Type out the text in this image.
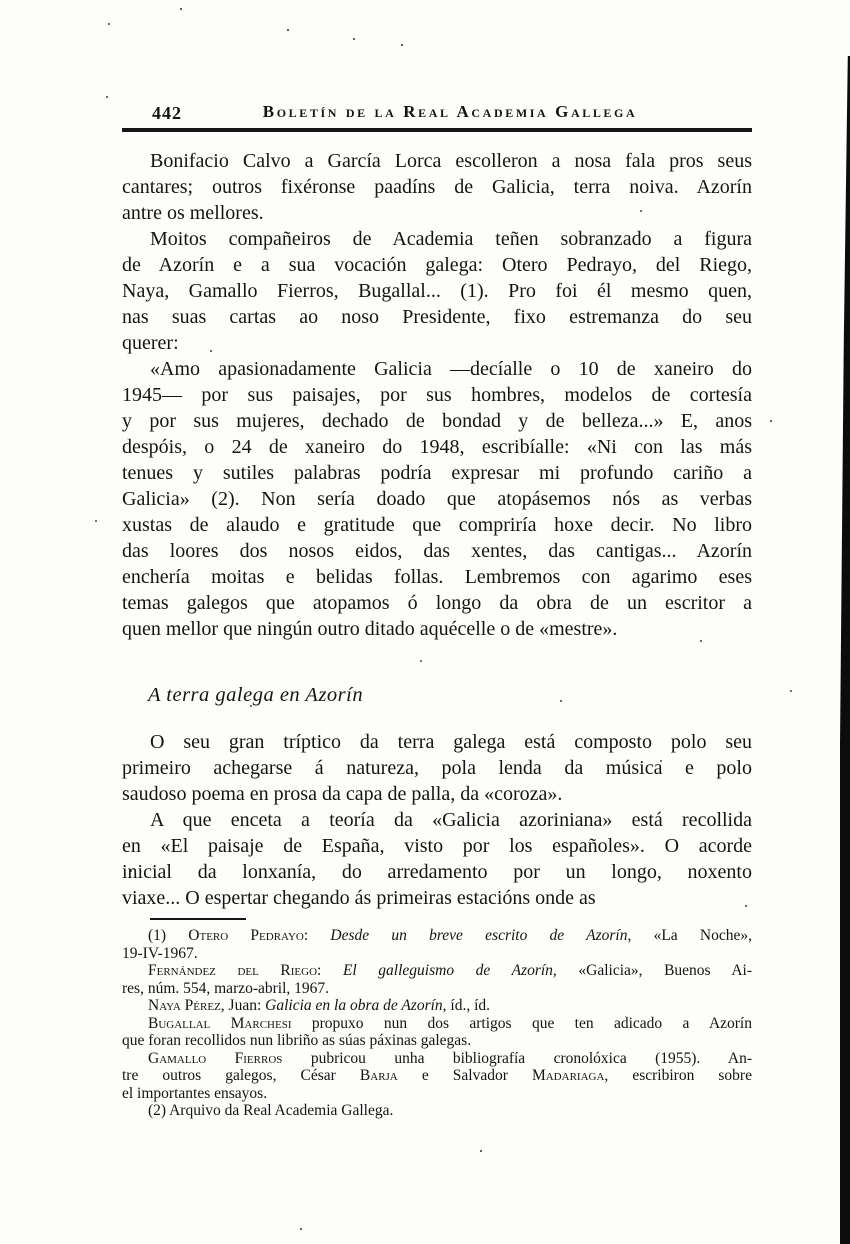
442	Boletín de la Real Academia Gallega
Bonifacio Calvo a García Lorca escolleron a nosa fala pros seus
cantares; outros fixéronse paadíns de Galicia, terra noiva. Azorín
antre os mellores.
Moitos compañeiros de Academia teñen sobranzado a figura
de Azorín e a sua vocación galega: Otero Pedrayo, del Riego,
Naya, Gamallo Fierros, Bugallal... (1). Pro foi él mesmo quen,
nas suas cartas ao noso Presidente, fixo estremanza do seu
querer:
«Amo apasionadamente Galicia —decíalle o 10 de xaneiro do
1945— por sus paisajes, por sus hombres, modelos de cortesía
y por sus mujeres, dechado de bondad y de belleza...» E, anos
despóis, o 24 de xaneiro do 1948, escribíalle: «Ni con las más
tenues y sutiles palabras podría expresar mi profundo cariño a
Galicia» (2). Non sería doado que atopásemos nós as verbas
xustas de alaudo e gratitude que compriría hoxe decir. No libro
das loores dos nosos eidos, das xentes, das cantigas... Azorín
enchería moitas e belidas follas. Lembremos con agarimo eses
temas galegos que atopamos ó longo da obra de un escritor a
quen mellor que ningún outro ditado aquécelle o de «mestre».
A terra galega en Azorín
O seu gran tríptico da terra galega está composto polo seu
primeiro achegarse á natureza, pola lenda da música e polo
saudoso poema en prosa da capa de palla, da «coroza».
A que enceta a teoría da «Galicia azoriniana» está recollida
en «El paisaje de España, visto por los españoles». O acorde
inicial da lonxanía, do arredamento por un longo, noxento
viaxe... O espertar chegando ás primeiras estacións onde as
(1) Otero Pedrayo: Desde un breve escrito de Azorín, «La Noche»,
19-IV-1967.
Fernández del Riego: El galleguismo de Azorín, «Galicia», Buenos Ai-
res, núm. 554, marzo-abril, 1967.
Naya Pérez, Juan: Galicia en la obra de Azorín, íd., íd.
Bugallal Marchesi propuxo nun dos artigos que ten adicado a Azorín
que foran recollidos nun libriño as súas páxinas galegas.
Gamallo Fierros pubricou unha bibliografía cronolóxica (1955). An-
tre outros galegos, César Barja e Salvador Madariaga, escribiron sobre
el importantes ensayos.
(2) Arquivo da Real Academia Gallega.
